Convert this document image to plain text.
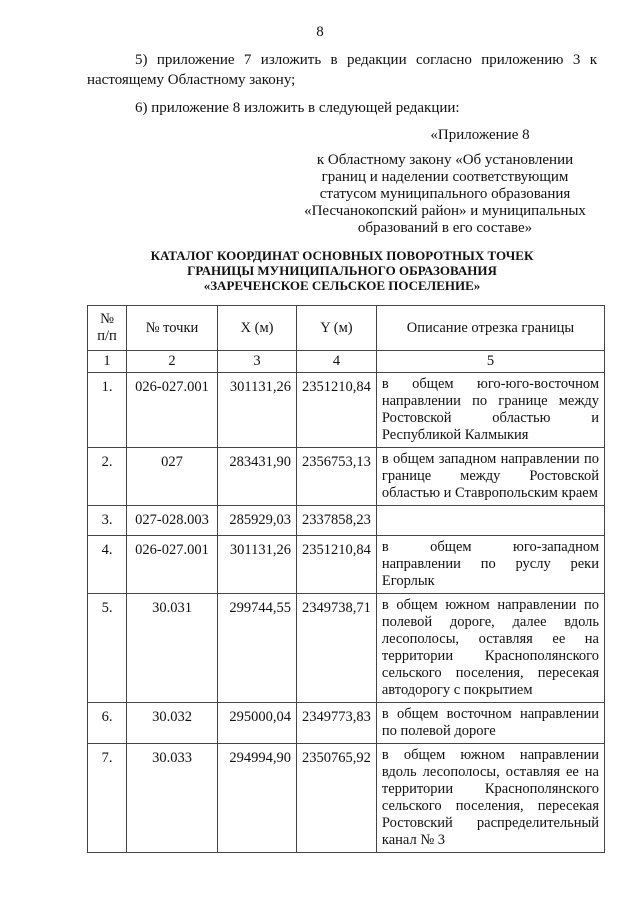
8

5) приложение 7 изложить в редакции согласно приложению 3 к настоящему Областному закону;

6) приложение 8 изложить в следующей редакции:

«Приложение 8
к Областному закону «Об установлении
границ и наделении соответствующим
статусом муниципального образования
«Песчанокопский район» и муниципальных
образований в его составе»
КАТАЛОГ КООРДИНАТ ОСНОВНЫХ ПОВОРОТНЫХ ТОЧЕК
ГРАНИЦЫ МУНИЦИПАЛЬНОГО ОБРАЗОВАНИЯ
«ЗАРЕЧЕНСКОЕ СЕЛЬСКОЕ ПОСЕЛЕНИЕ»
№
п/п	№ точки	X (м)	Y (м)	Описание отрезка границы
1	2	3	4	5
1.	026-027.001	301131,26	2351210,84	в общем юго-юго-восточном направлении по границе между Ростовской областью и Республикой Калмыкия
2.	027	283431,90	2356753,13	в общем западном направлении по границе между Ростовской областью и Ставропольским краем
3.	027-028.003	285929,03	2337858,23	
4.	026-027.001	301131,26	2351210,84	в общем юго-западном направлении по руслу реки Егорлык
5.	30.031	299744,55	2349738,71	в общем южном направлении по полевой дороге, далее вдоль лесополосы, оставляя ее на территории Краснополянского сельского поселения, пересекая автодорогу с покрытием
6.	30.032	295000,04	2349773,83	в общем восточном направлении по полевой дороге
7.	30.033	294994,90	2350765,92	в общем южном направлении вдоль лесополосы, оставляя ее на территории Краснополянского сельского поселения, пересекая Ростовский распределительный канал № 3
